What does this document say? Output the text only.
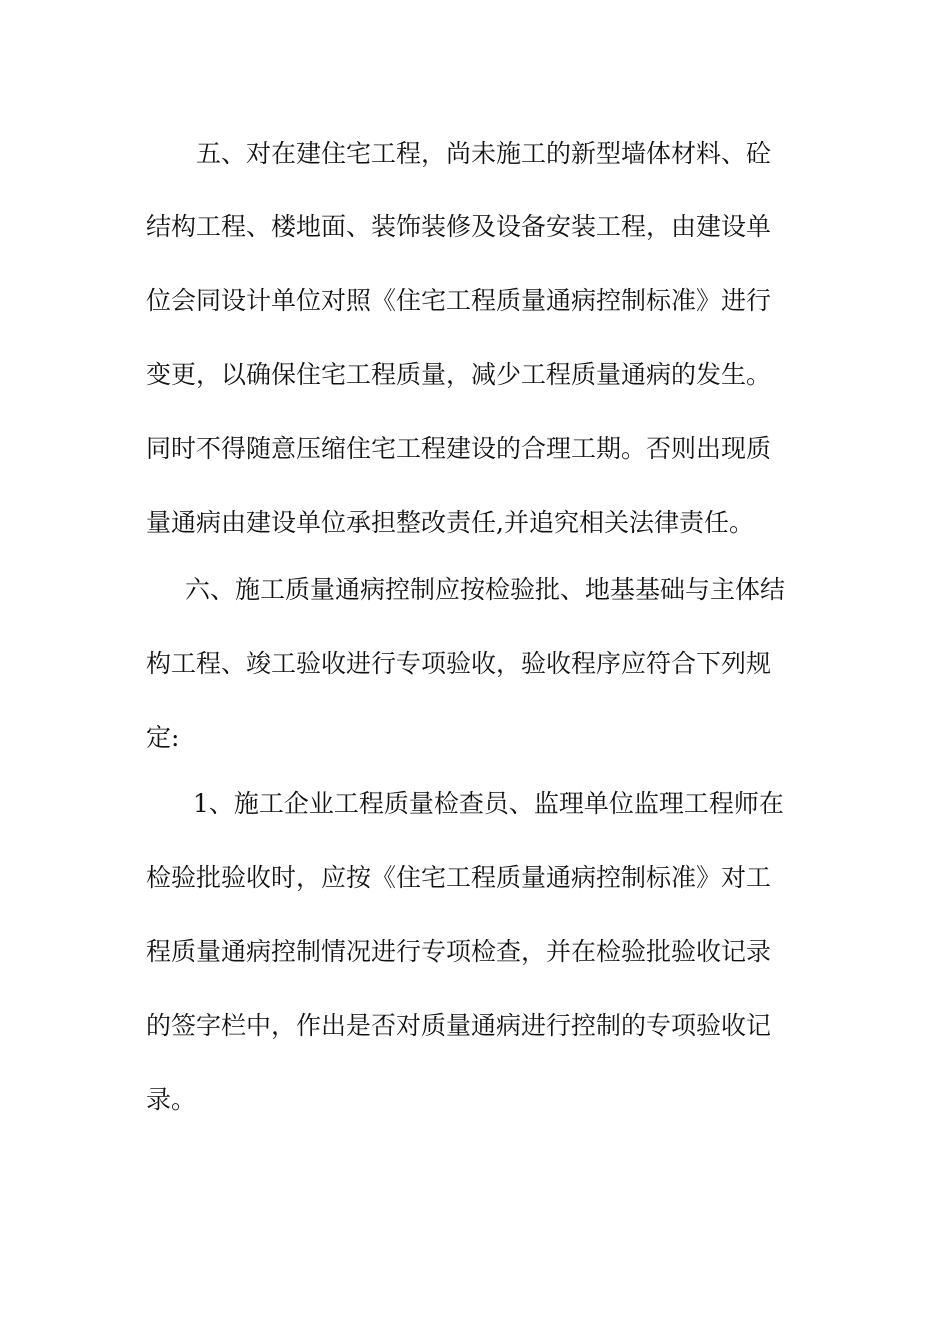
五、对在建住宅工程，尚未施工的新型墙体材料、砼
结构工程、楼地面、装饰装修及设备安装工程，由建设单
位会同设计单位对照《住宅工程质量通病控制标准》进行
变更，以确保住宅工程质量，减少工程质量通病的发生。
同时不得随意压缩住宅工程建设的合理工期。否则出现质
量通病由建设单位承担整改责任,并追究相关法律责任。
六、施工质量通病控制应按检验批、地基基础与主体结
构工程、竣工验收进行专项验收，验收程序应符合下列规
定:
1、施工企业工程质量检查员、监理单位监理工程师在
检验批验收时，应按《住宅工程质量通病控制标准》对工
程质量通病控制情况进行专项检查，并在检验批验收记录
的签字栏中，作出是否对质量通病进行控制的专项验收记
录。
